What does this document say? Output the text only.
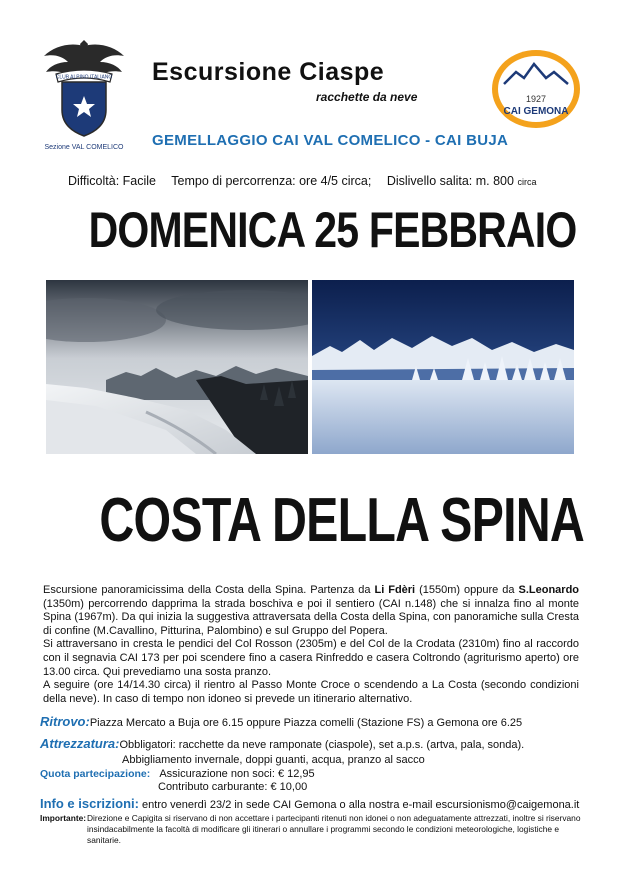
CLUB ALPINO ITALIANO
Sezione VAL COMELICO
1927
CAI GEMONA
Escursione Ciaspe
racchette da neve
GEMELLAGGIO CAI VAL COMELICO - CAI BUJA
Difficoltà: Facile Tempo di percorrenza: ore 4/5 circa; Dislivello salita: m. 800 circa
DOMENICA 25 FEBBRAIO
COSTA DELLA SPINA

Escursione panoramicissima della Costa della Spina. Partenza da Li Fdèri (1550m) oppure da S.Leonardo (1350m) percorrendo dapprima la strada boschiva e poi il sentiero (CAI n.148) che si innalza fino al monte Spina (1967m). Da qui inizia la suggestiva attraversata della Costa della Spina, con panoramiche sulla Cresta di confine (M.Cavallino, Pitturina, Palombino) e sul Gruppo del Popera.

Si attraversano in cresta le pendici del Col Rosson (2305m) e del Col de la Crodata (2310m) fino al raccordo con il segnavia CAI 173 per poi scendere fino a casera Rinfreddo e casera Coltrondo (agriturismo aperto) ore 13.00 circa. Qui prevediamo una sosta pranzo.

A seguire (ore 14/14.30 circa) il rientro al Passo Monte Croce o scendendo a La Costa (secondo condizioni della neve). In caso di tempo non idoneo si prevede un itinerario alternativo.

Ritrovo:Piazza Mercato a Buja ore 6.15 oppure Piazza comelli (Stazione FS) a Gemona ore 6.25
Attrezzatura:Obbligatori: racchette da neve ramponate (ciaspole), set a.p.s. (artva, pala, sonda).
Abbigliamento invernale, doppi guanti, acqua, pranzo al sacco
Quota partecipazione: Assicurazione non soci: € 12,95
Contributo carburante: € 10,00
Info e iscrizioni: entro venerdì 23/2 in sede CAI Gemona o alla nostra e-mail escursionismo@caigemona.it
Importante: Direzione e Capigita si riservano di non accettare i partecipanti ritenuti non idonei o non adeguatamente attrezzati, inoltre si riservano insindacabilmente la facoltà di modificare gli itinerari o annullare i programmi secondo le condizioni meteorologiche, logistiche e sanitarie.
